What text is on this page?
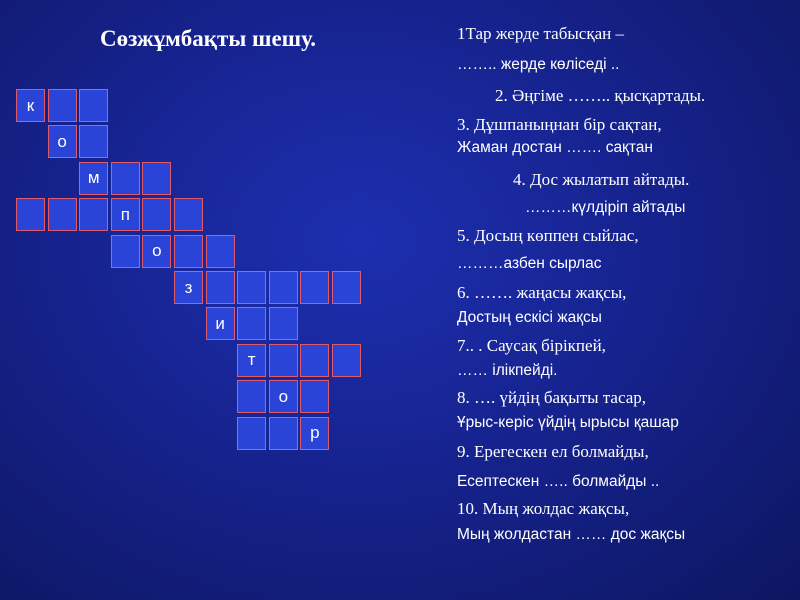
Сөзжұмбақты шешу.
к
о
м
п
о
з
и
т
о
р
1Тар жерде табысқан –
…….. жерде көліседі ..
2. Әңгіме …….. қысқартады.
3. Дұшпаныңнан бір сақтан,
Жаман достан ……. сақтан
4. Дос жылатып айтады.
………күлдіріп айтады
5. Досың көппен сыйлас,
………азбен сырлас
6. ……. жаңасы жақсы,
Достың ескісі жақсы
7.. . Саусақ бірікпей,
…… ілікпейді.
8. …. үйдің бақыты тасар,
Ұрыс-керіс үйдің ырысы қашар
9. Ерегескен ел болмайды,
Есептескен ….. болмайды ..
10. Мың жолдас жақсы,
Мың жолдастан …… дос жақсы
